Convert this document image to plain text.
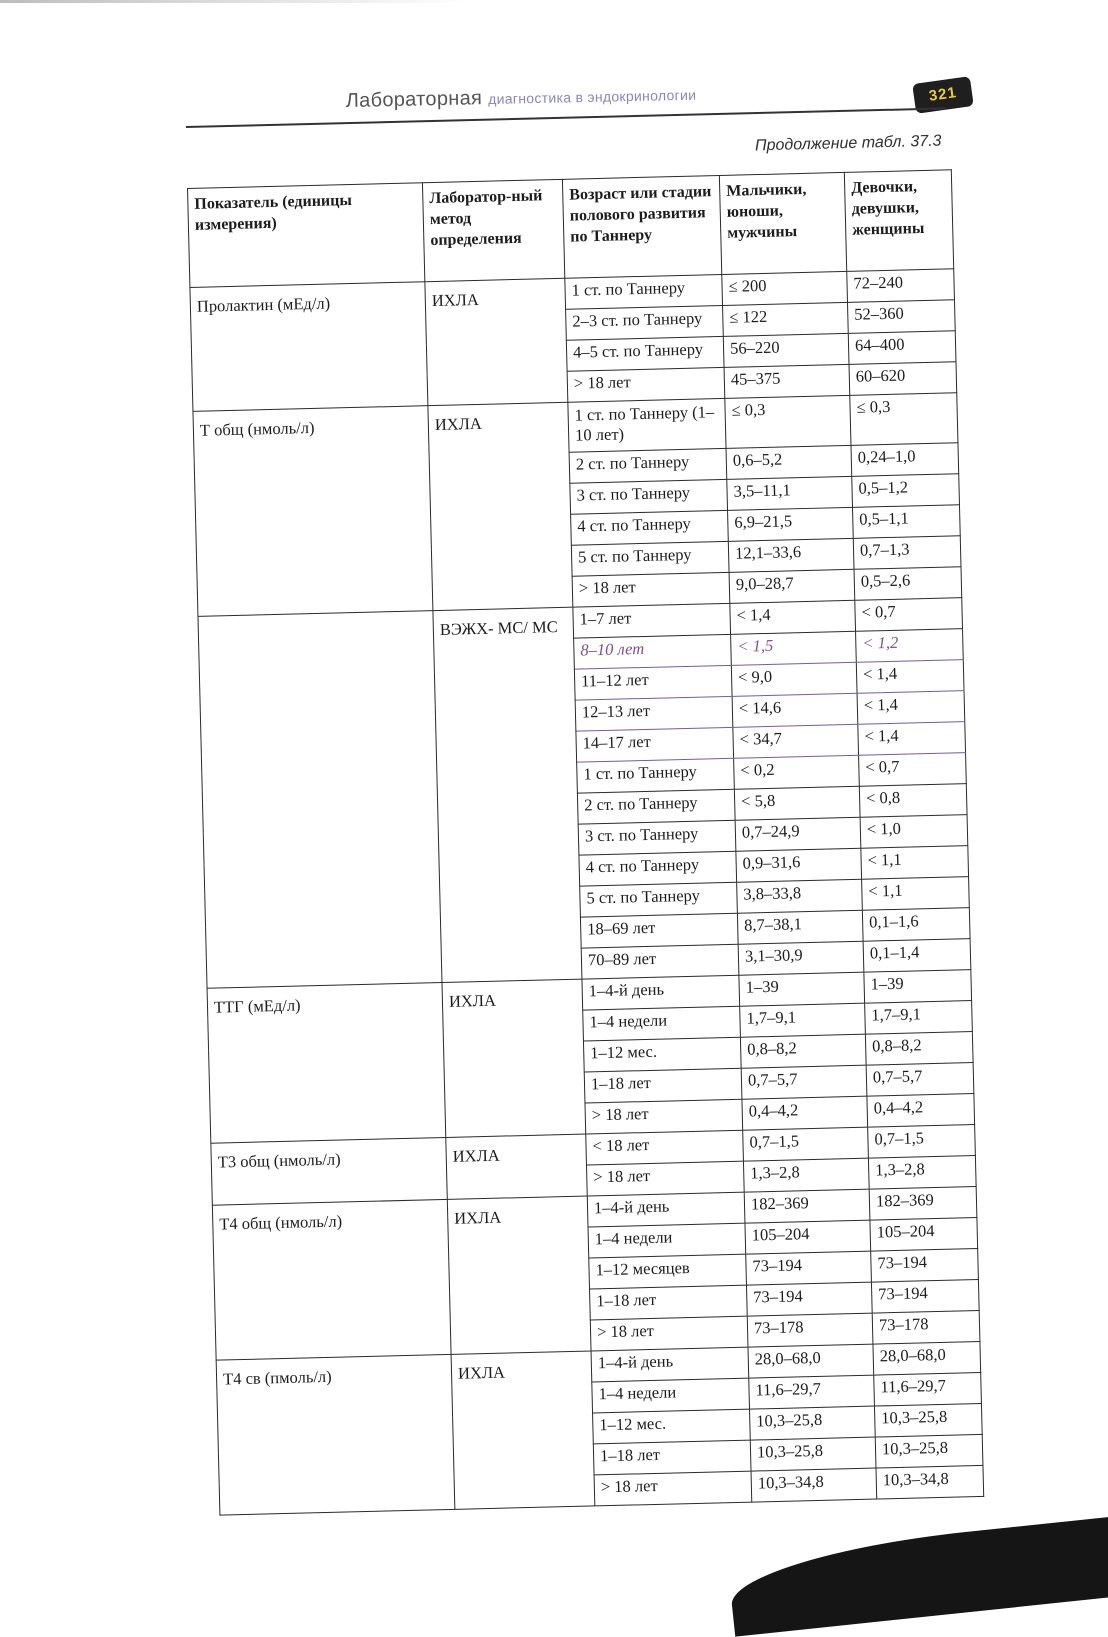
Лабораторная диагностика в эндокринологии	321
Продолжение табл. 37.3
Показатель (единицы измерения)	Лаборатор-ный метод определения	Возраст или стадии полового развития по Таннеру	Мальчики, юноши, мужчины	Девочки, девушки, женщины
Пролактин (мЕд/л)	ИХЛА	1 ст. по Таннеру	≤ 200	72–240
		2–3 ст. по Таннеру	≤ 122	52–360
		4–5 ст. по Таннеру	56–220	64–400
		> 18 лет	45–375	60–620
Т общ (нмоль/л)	ИХЛА	1 ст. по Таннеру (1–10 лет)	≤ 0,3	≤ 0,3
		2 ст. по Таннеру	0,6–5,2	0,24–1,0
		3 ст. по Таннеру	3,5–11,1	0,5–1,2
		4 ст. по Таннеру	6,9–21,5	0,5–1,1
		5 ст. по Таннеру	12,1–33,6	0,7–1,3
		> 18 лет	9,0–28,7	0,5–2,6
	ВЭЖХ- МС/ МС	1–7 лет	< 1,4	< 0,7
		8–10 лет	< 1,5	< 1,2
		11–12 лет	< 9,0	< 1,4
		12–13 лет	< 14,6	< 1,4
		14–17 лет	< 34,7	< 1,4
		1 ст. по Таннеру	< 0,2	< 0,7
		2 ст. по Таннеру	< 5,8	< 0,8
		3 ст. по Таннеру	0,7–24,9	< 1,0
		4 ст. по Таннеру	0,9–31,6	< 1,1
		5 ст. по Таннеру	3,8–33,8	< 1,1
		18–69 лет	8,7–38,1	0,1–1,6
		70–89 лет	3,1–30,9	0,1–1,4
ТТГ (мЕд/л)	ИХЛА	1–4-й день	1–39	1–39
		1–4 недели	1,7–9,1	1,7–9,1
		1–12 мес.	0,8–8,2	0,8–8,2
		1–18 лет	0,7–5,7	0,7–5,7
		> 18 лет	0,4–4,2	0,4–4,2
Т3 общ (нмоль/л)	ИХЛА	< 18 лет	0,7–1,5	0,7–1,5
		> 18 лет	1,3–2,8	1,3–2,8
Т4 общ (нмоль/л)	ИХЛА	1–4-й день	182–369	182–369
		1–4 недели	105–204	105–204
		1–12 месяцев	73–194	73–194
		1–18 лет	73–194	73–194
		> 18 лет	73–178	73–178
Т4 св (пмоль/л)	ИХЛА	1–4-й день	28,0–68,0	28,0–68,0
		1–4 недели	11,6–29,7	11,6–29,7
		1–12 мес.	10,3–25,8	10,3–25,8
		1–18 лет	10,3–25,8	10,3–25,8
		> 18 лет	10,3–34,8	10,3–34,8
